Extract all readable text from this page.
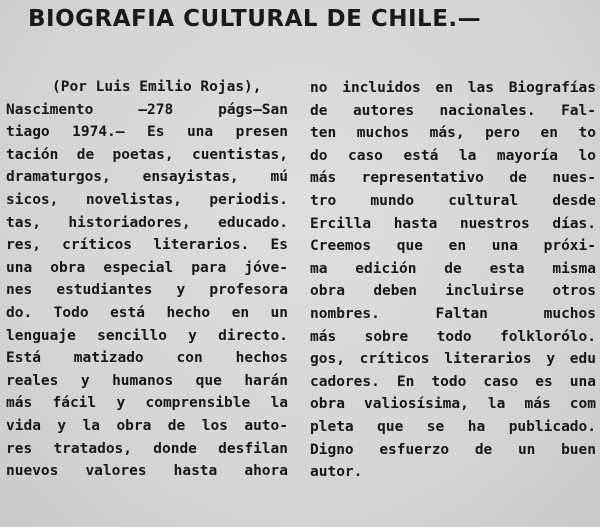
BIOGRAFIA CULTURAL DE CHILE.—
(Por Luis Emilio Rojas),
Nascimento —278 págs—San
tiago 1974.— Es una presen
tación de poetas, cuentistas,
dramaturgos, ensayistas, mú
sicos, novelistas, periodis.
tas, historiadores, educado.
res, críticos literarios. Es
una obra especial para jóve-
nes estudiantes y profesora
do. Todo está hecho en un
lenguaje sencillo y directo.
Está matizado con hechos
reales y humanos que harán
más fácil y comprensible la
vida y la obra de los auto-
res tratados, donde desfilan
nuevos valores hasta ahora
no incluidos en las Biografías
de autores nacionales. Fal-
ten muchos más, pero en to
do caso está la mayoría lo
más representativo de nues-
tro mundo cultural desde
Ercilla hasta nuestros días.
Creemos que en una próxi-
ma edición de esta misma
obra deben incluirse otros
nombres. Faltan muchos
más sobre todo folklorólo.
gos, críticos literarios y edu
cadores. En todo caso es una
obra valiosísima, la más com
pleta que se ha publicado.
Digno esfuerzo de un buen
autor.
